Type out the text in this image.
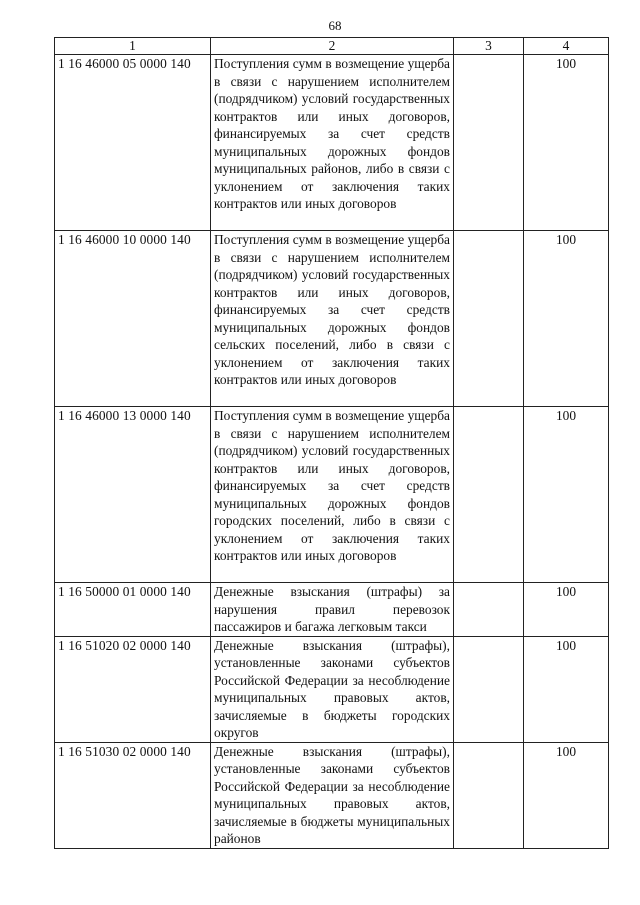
68
1	2	3	4
1 16 46000 05 0000 140	Поступления сумм в возмещение ущерба в связи с нарушением исполнителем (подрядчиком) условий государственных контрактов или иных договоров, финансируемых за счет средств муниципальных дорожных фондов муниципальных районов, либо в связи с уклонением от заключения таких контрактов или иных договоров		100
1 16 46000 10 0000 140	Поступления сумм в возмещение ущерба в связи с нарушением исполнителем (подрядчиком) условий государственных контрактов или иных договоров, финансируемых за счет средств муниципальных дорожных фондов сельских поселений, либо в связи с уклонением от заключения таких контрактов или иных договоров		100
1 16 46000 13 0000 140	Поступления сумм в возмещение ущерба в связи с нарушением исполнителем (подрядчиком) условий государственных контрактов или иных договоров, финансируемых за счет средств муниципальных дорожных фондов городских поселений, либо в связи с уклонением от заключения таких контрактов или иных договоров		100
1 16 50000 01 0000 140	Денежные взыскания (штрафы) за нарушения правил перевозок пассажиров и багажа легковым такси		100
1 16 51020 02 0000 140	Денежные взыскания (штрафы), установленные законами субъектов Российской Федерации за несоблюдение муниципальных правовых актов, зачисляемые в бюджеты городских округов		100
1 16 51030 02 0000 140	Денежные взыскания (штрафы), установленные законами субъектов Российской Федерации за несоблюдение муниципальных правовых актов, зачисляемые в бюджеты муниципальных районов		100
